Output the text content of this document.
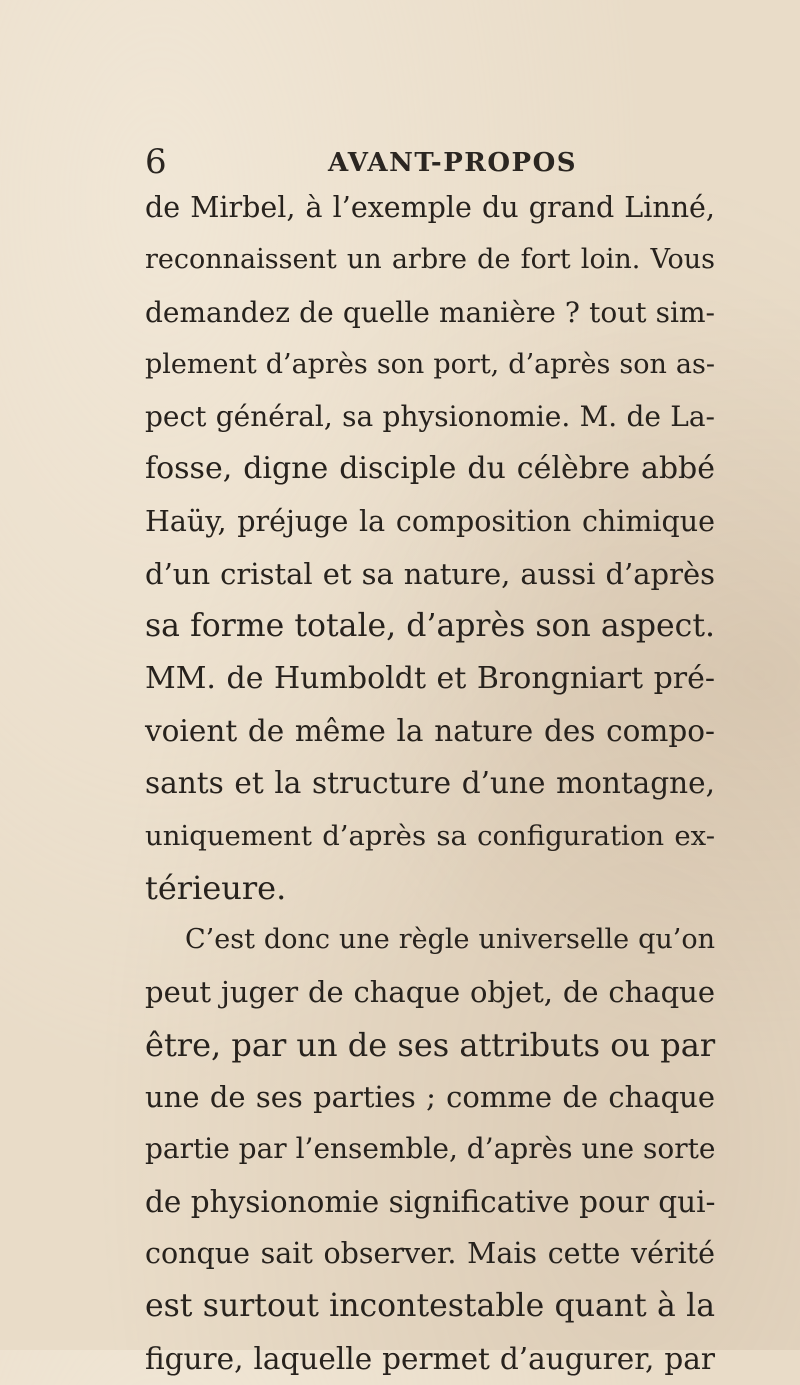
6	AVANT-PROPOS
de Mirbel, à l’exemple du grand Linné,
reconnaissent un arbre de fort loin. Vous
demandez de quelle manière ? tout sim-
plement d’après son port, d’après son as-
pect général, sa physionomie. M. de La-
fosse, digne disciple du célèbre abbé
Haüy, préjuge la composition chimique
d’un cristal et sa nature, aussi d’après
sa forme totale, d’après son aspect.
MM. de Humboldt et Brongniart pré-
voient de même la nature des compo-
sants et la structure d’une montagne,
uniquement d’après sa configuration ex-
térieure.
C’est donc une règle universelle qu’on
peut juger de chaque objet, de chaque
être, par un de ses attributs ou par
une de ses parties ; comme de chaque
partie par l’ensemble, d’après une sorte
de physionomie significative pour qui-
conque sait observer. Mais cette vérité
est surtout incontestable quant à la
figure, laquelle permet d’augurer, par
